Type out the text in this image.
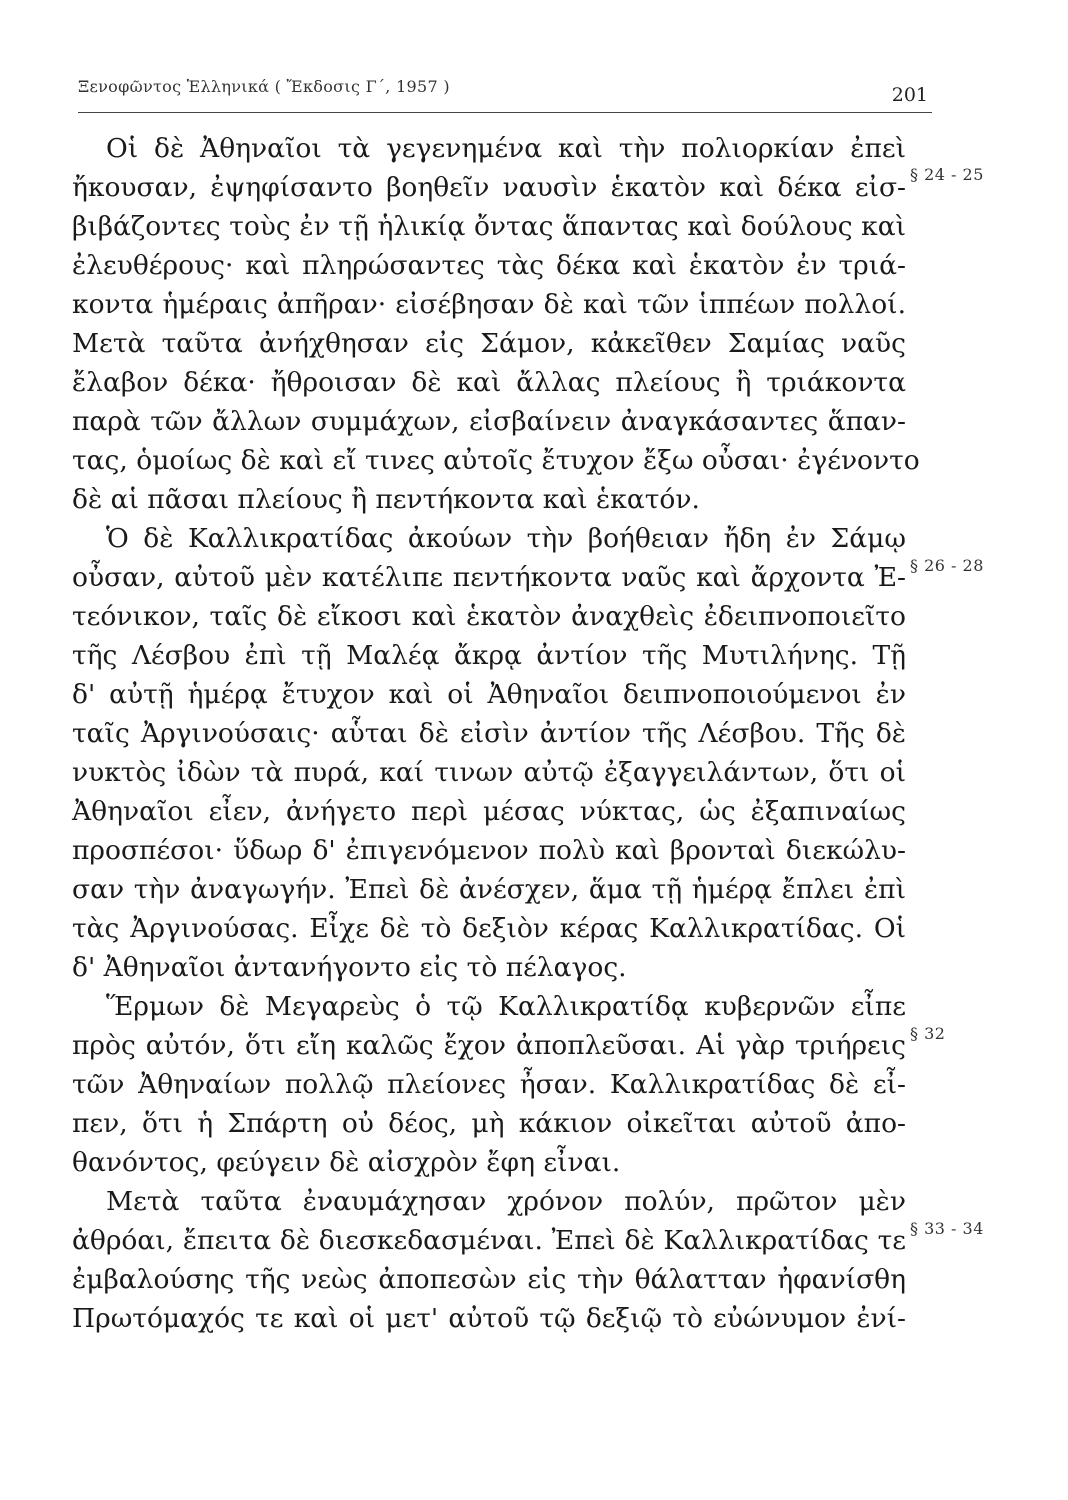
Ξενοφῶντος Ἑλληνικά ( Ἔκδοσις Γ΄, 1957 )	201
Οἱ δὲ Ἀθηναῖοι τὰ γεγενημένα καὶ τὴν πολιορκίαν ἐπεὶ
ἤκουσαν, ἐψηφίσαντο βοηθεῖν ναυσὶν ἑκατὸν καὶ δέκα εἰσ-
βιβάζοντες τοὺς ἐν τῇ ἡλικίᾳ ὄντας ἅπαντας καὶ δούλους καὶ
ἐλευθέρους· καὶ πληρώσαντες τὰς δέκα καὶ ἑκατὸν ἐν τριά-
κοντα ἡμέραις ἀπῆραν· εἰσέβησαν δὲ καὶ τῶν ἱππέων πολλοί.
Μετὰ ταῦτα ἀνήχθησαν εἰς Σάμον, κἀκεῖθεν Σαμίας ναῦς
ἔλαβον δέκα· ἤθροισαν δὲ καὶ ἄλλας πλείους ἢ τριάκοντα
παρὰ τῶν ἄλλων συμμάχων, εἰσβαίνειν ἀναγκάσαντες ἅπαν-
τας, ὁμοίως δὲ καὶ εἴ τινες αὐτοῖς ἔτυχον ἔξω οὖσαι· ἐγένοντο
δὲ αἱ πᾶσαι πλείους ἢ πεντήκοντα καὶ ἑκατόν.
Ὁ δὲ Καλλικρατίδας ἀκούων τὴν βοήθειαν ἤδη ἐν Σάμῳ
οὖσαν, αὐτοῦ μὲν κατέλιπε πεντήκοντα ναῦς καὶ ἄρχοντα Ἐ-
τεόνικον, ταῖς δὲ εἴκοσι καὶ ἑκατὸν ἀναχθεὶς ἐδειπνοποιεῖτο
τῆς Λέσβου ἐπὶ τῇ Μαλέᾳ ἄκρᾳ ἀντίον τῆς Μυτιλήνης. Τῇ
δ' αὐτῇ ἡμέρᾳ ἔτυχον καὶ οἱ Ἀθηναῖοι δειπνοποιούμενοι ἐν
ταῖς Ἀργινούσαις· αὗται δὲ εἰσὶν ἀντίον τῆς Λέσβου. Τῆς δὲ
νυκτὸς ἰδὼν τὰ πυρά, καί τινων αὐτῷ ἐξαγγειλάντων, ὅτι οἱ
Ἀθηναῖοι εἶεν, ἀνήγετο περὶ μέσας νύκτας, ὡς ἐξαπιναίως
προσπέσοι· ὕδωρ δ' ἐπιγενόμενον πολὺ καὶ βρονταὶ διεκώλυ-
σαν τὴν ἀναγωγήν. Ἐπεὶ δὲ ἀνέσχεν, ἅμα τῇ ἡμέρᾳ ἔπλει ἐπὶ
τὰς Ἀργινούσας. Εἶχε δὲ τὸ δεξιὸν κέρας Καλλικρατίδας. Οἱ
δ' Ἀθηναῖοι ἀντανήγοντο εἰς τὸ πέλαγος.
Ἕρμων δὲ Μεγαρεὺς ὁ τῷ Καλλικρατίδᾳ κυβερνῶν εἶπε
πρὸς αὐτόν, ὅτι εἴη καλῶς ἔχον ἀποπλεῦσαι. Αἱ γὰρ τριήρεις
τῶν Ἀθηναίων πολλῷ πλείονες ἦσαν. Καλλικρατίδας δὲ εἶ-
πεν, ὅτι ἡ Σπάρτη οὐ δέος, μὴ κάκιον οἰκεῖται αὐτοῦ ἀπο-
θανόντος, φεύγειν δὲ αἰσχρὸν ἔφη εἶναι.
Μετὰ ταῦτα ἐναυμάχησαν χρόνον πολύν, πρῶτον μὲν
ἀθρόαι, ἔπειτα δὲ διεσκεδασμέναι. Ἐπεὶ δὲ Καλλικρατίδας τε
ἐμβαλούσης τῆς νεὼς ἀποπεσὼν εἰς τὴν θάλατταν ἠφανίσθη
Πρωτόμαχός τε καὶ οἱ μετ' αὐτοῦ τῷ δεξιῷ τὸ εὐώνυμον ἐνί-
§ 24 - 25
§ 26 - 28
§ 32
§ 33 - 34
